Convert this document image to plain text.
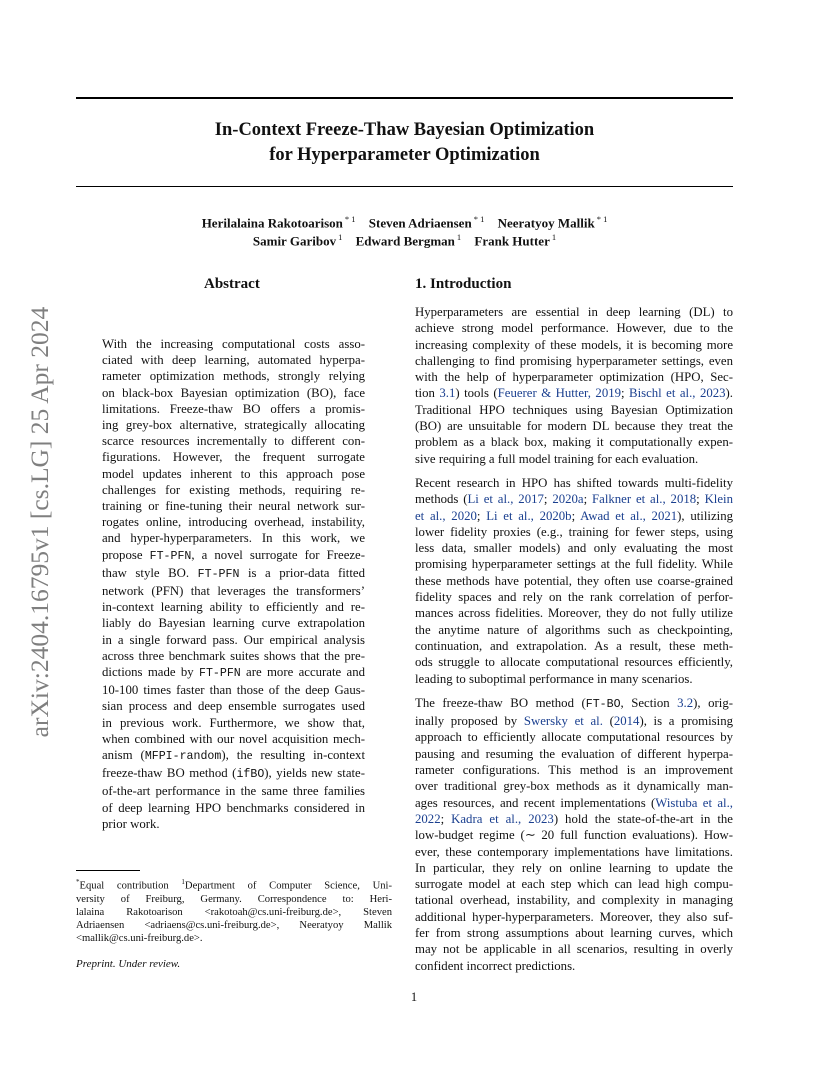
In-Context Freeze-Thaw Bayesian Optimization
for Hyperparameter Optimization
Herilalaina Rakotoarison $^{* 1}$ Steven Adriaensen $^{* 1}$ Neeratyoy Mallik $^{* 1}$
Samir Garibov $^1$ Edward Bergman $^1$ Frank Hutter $^1$
arXiv:2404.16795v1 [cs.LG] 25 Apr 2024
Abstract	1. Introduction
With the increasing computational costs asso-
ciated with deep learning, automated hyperpa-
rameter optimization methods, strongly relying
on black-box Bayesian optimization (BO), face
limitations. Freeze-thaw BO offers a promis-
ing grey-box alternative, strategically allocating
scarce resources incrementally to different con-
figurations. However, the frequent surrogate
model updates inherent to this approach pose
challenges for existing methods, requiring re-
training or fine-tuning their neural network sur-
rogates online, introducing overhead, instability,
and hyper-hyperparameters. In this work, we
propose FT-PFN, a novel surrogate for Freeze-
thaw style BO. FT-PFN is a prior-data fitted
network (PFN) that leverages the transformers’
in-context learning ability to efficiently and re-
liably do Bayesian learning curve extrapolation
in a single forward pass. Our empirical analysis
across three benchmark suites shows that the pre-
dictions made by FT-PFN are more accurate and
10-100 times faster than those of the deep Gaus-
sian process and deep ensemble surrogates used
in previous work. Furthermore, we show that,
when combined with our novel acquisition mech-
anism (MFPI-random), the resulting in-context
freeze-thaw BO method (ifBO), yields new state-
of-the-art performance in the same three families
of deep learning HPO benchmarks considered in
prior work.

Hyperparameters are essential in deep learning (DL) to
achieve strong model performance. However, due to the
increasing complexity of these models, it is becoming more
challenging to find promising hyperparameter settings, even
with the help of hyperparameter optimization (HPO, Sec-
tion 3.1) tools (Feuerer & Hutter, 2019; Bischl et al., 2023).
Traditional HPO techniques using Bayesian Optimization
(BO) are unsuitable for modern DL because they treat the
problem as a black box, making it computationally expen-
sive requiring a full model training for each evaluation.

Recent research in HPO has shifted towards multi-fidelity
methods (Li et al., 2017; 2020a; Falkner et al., 2018; Klein
et al., 2020; Li et al., 2020b; Awad et al., 2021), utilizing
lower fidelity proxies (e.g., training for fewer steps, using
less data, smaller models) and only evaluating the most
promising hyperparameter settings at the full fidelity. While
these methods have potential, they often use coarse-grained
fidelity spaces and rely on the rank correlation of perfor-
mances across fidelities. Moreover, they do not fully utilize
the anytime nature of algorithms such as checkpointing,
continuation, and extrapolation. As a result, these meth-
ods struggle to allocate computational resources efficiently,
leading to suboptimal performance in many scenarios.

The freeze-thaw BO method (FT-BO, Section 3.2), orig-
inally proposed by Swersky et al. (2014), is a promising
approach to efficiently allocate computational resources by
pausing and resuming the evaluation of different hyperpa-
rameter configurations. This method is an improvement
over traditional grey-box methods as it dynamically man-
ages resources, and recent implementations (Wistuba et al.,
2022; Kadra et al., 2023) hold the state-of-the-art in the
low-budget regime (∼ 20 full function evaluations). How-
ever, these contemporary implementations have limitations.
In particular, they rely on online learning to update the
surrogate model at each step which can lead high compu-
tational overhead, instability, and complexity in managing
additional hyper-hyperparameters. Moreover, they also suf-
fer from strong assumptions about learning curves, which
may not be applicable in all scenarios, resulting in overly
confident incorrect predictions.

*Equal contribution $^1$Department of Computer Science, Uni-
versity of Freiburg, Germany. Correspondence to: Heri-
lalaina Rakotoarison <rakotoah@cs.uni-freiburg.de>, Steven
Adriaensen <adriaens@cs.uni-freiburg.de>, Neeratyoy Mallik
<mallik@cs.uni-freiburg.de>.
Preprint. Under review.
1
